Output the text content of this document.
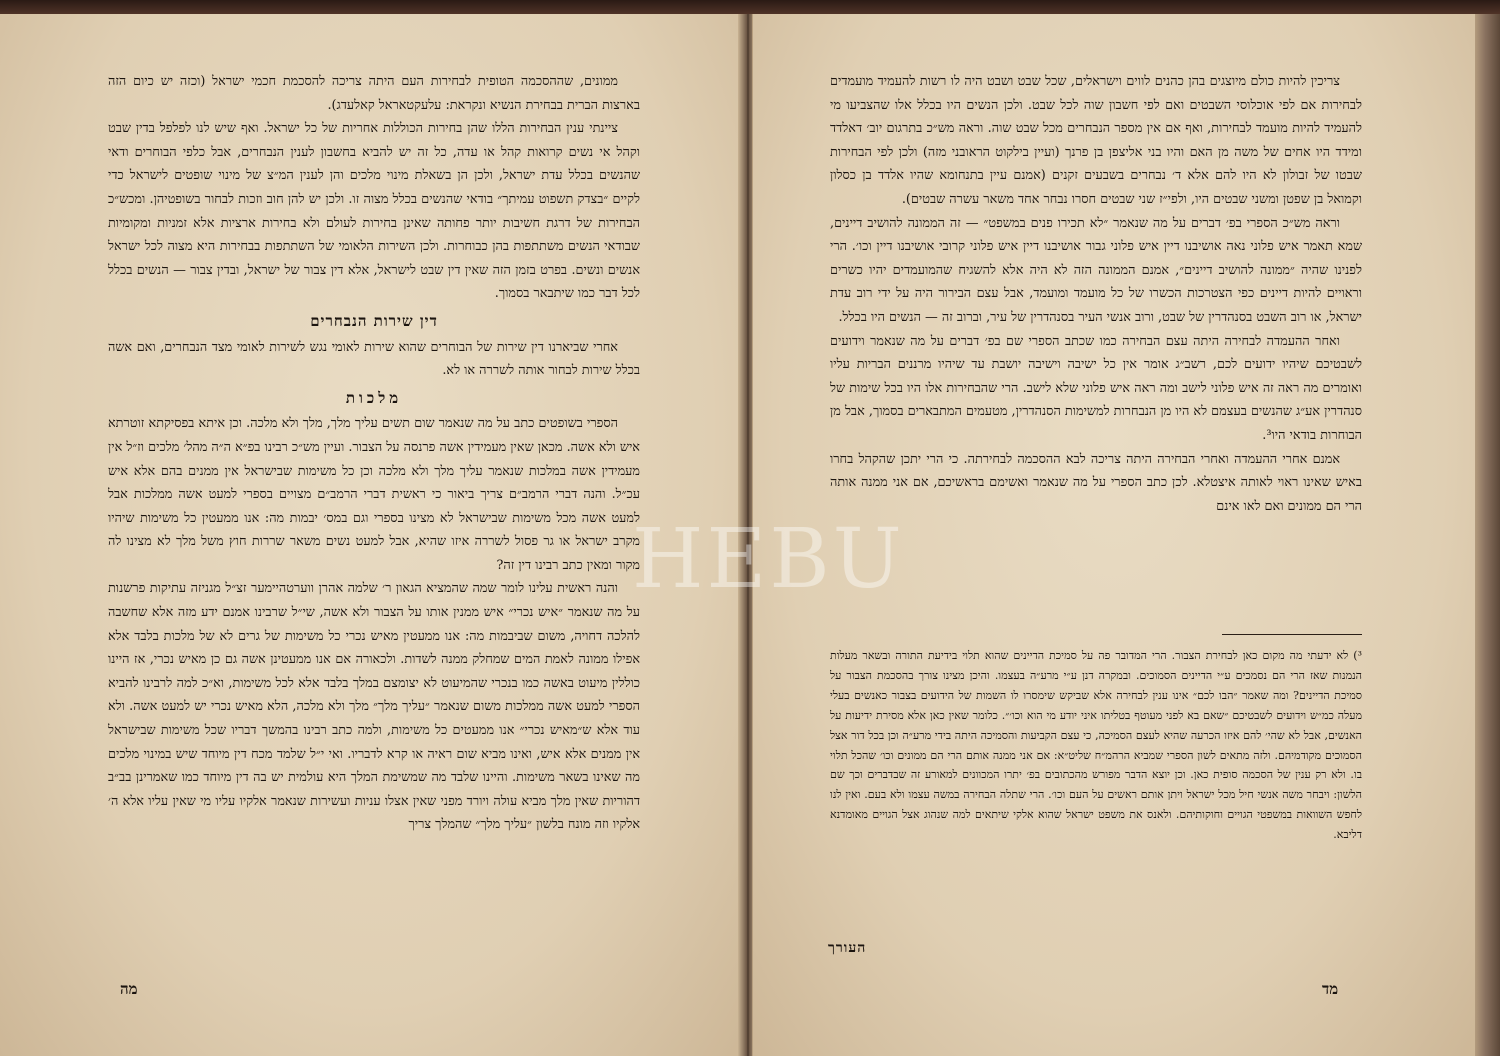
ממונים, שההסכמה הטופית לבחירות העם היתה צריכה להסכמת חכמי ישראל (וכזה יש כיום הזה בארצות הברית בבחירת הנשיא ונקראת: עלעקטאראל קאלעדג).

ציינתי ענין הבחירות הללו שהן בחירות הכוללות אחריות של כל ישראל. ואף שיש לנו לפלפל בדין שבט וקהל אי נשים קרואות קהל או עדה, כל זה יש להביא בחשבון לענין הנבחרים, אבל כלפי הבוחרים ודאי שהנשים בכלל עדת ישראל, ולכן הן בשאלת מינוי מלכים והן לענין המ״צ של מינוי שופטים לישראל כדי לקיים ״בצדק תשפוט עמיתך״ בודאי שהנשים בכלל מצוה זו. ולכן יש להן חוב וזכות לבחור בשופטיהן. ומכש״כ הבחירות של דרגת חשיבות יותר פחותה שאינן בחירות לעולם ולא בחירות ארציות אלא זמניות ומקומיות שבודאי הנשים משתתפות בהן כבוחרות. ולכן השירות הלאומי של השתתפות בבחירות היא מצוה לכל ישראל אנשים ונשים. בפרט בזמן הזה שאין דין שבט לישראל, אלא דין צבור של ישראל, ובדין צבור — הנשים בכלל לכל דבר כמו שיתבאר בסמוך.

דין שירות הנבחרים

אחרי שביארנו דין שירות של הבוחרים שהוא שירות לאומי נגש לשירות לאומי מצד הנבחרים, ואם אשה בכלל שירות לבחור אותה לשררה או לא.

מלכות

הספרי בשופטים כתב על מה שנאמר שום תשים עליך מלך, מלך ולא מלכה. וכן איתא בפסיקתא זוטרתא איש ולא אשה. מכאן שאין מעמידין אשה פרנסה על הצבור. ועיין מש״כ רבינו בפ״א ה״ה מהל׳ מלכים וז״ל אין מעמידין אשה במלכות שנאמר עליך מלך ולא מלכה וכן כל משימות שבישראל אין ממנים בהם אלא איש עכ״ל. והנה דברי הרמב״ם צריך ביאור כי ראשית דברי הרמב״ם מצויים בספרי למעט אשה ממלכות אבל למעט אשה מכל משימות שבישראל לא מצינו בספרי וגם במס׳ יבמות מה: אנו ממעטין כל משימות שיהיו מקרב ישראל או גר פסול לשררה איזו שהיא, אבל למעט נשים משאר שררות חוץ משל מלך לא מצינו לה מקור ומאין כתב רבינו דין זה?

והנה ראשית עלינו לומר שמה שהמציא הגאון ר׳ שלמה אהרן ווערטהיימער זצ״ל מגניזה עתיקות פרשנות על מה שנאמר ״איש נכרי״ איש ממנין אותו על הצבור ולא אשה, שי״ל שרבינו אמנם ידע מזה אלא שחשבה להלכה דחויה, משום שביבמות מה: אנו ממעטין מאיש נכרי כל משימות של גרים לא של מלכות בלבד אלא אפילו ממונה לאמת המים שמחלק ממנה לשדות. ולכאורה אם אנו ממעטינן אשה גם כן מאיש נכרי, אז היינו כוללין מיעוט באשה כמו בנכרי שהמיעוט לא יצומצם במלך בלבד אלא לכל משימות, וא״כ למה לרבינו להביא הספרי למעט אשה ממלכות משום שנאמר ״עליך מלך״ מלך ולא מלכה, הלא מאיש נכרי יש למעט אשה. ולא עוד אלא ש״מאיש נכרי״ אנו ממעטים כל משימות, ולמה כתב רבינו בהמשך דבריו שכל משימות שבישראל אין ממנים אלא איש, ואינו מביא שום ראיה או קרא לדבריו. ואי י״ל שלמד מכח דין מיוחד שיש במינוי מלכים מה שאינו בשאר משימות. והיינו שלבד מה שמשימת המלך היא עולמית יש בה דין מיוחד כמו שאמרינן בב״ב דהוריות שאין מלך מביא עולה ויורד מפני שאין אצלו עניות ועשירות שנאמר אלקיו עליו מי שאין עליו אלא ה׳ אלקיו וזה מונח בלשון ״עליך מלך״ שהמלך צריך

מה

צריכין להיות כולם מיוצגים בהן כהנים לווים וישראלים, שכל שבט ושבט היה לו רשות להעמיד מועמדים לבחירות אם לפי אוכלוסי השבטים ואם לפי חשבון שוה לכל שבט. ולכן הנשים היו בכלל אלו שהצביעו מי להעמיד להיות מועמד לבחירות, ואף אם אין מספר הנבחרים מכל שבט שוה. וראה מש״כ בתרגום יוב׳ דאלדד ומידד היו אחים של משה מן האם והיו בני אליצפן בן פרנך (ועיין בילקוט הראובני מזה) ולכן לפי הבחירות שבטו של זבולון לא היו להם אלא ד׳ נבחרים בשבעים זקנים (אמנם עיין בתנחומא שהיו אלדד בן כסלון וקמואל בן שפטן ומשני שבטים היו, ולפי״ז שני שבטים חסרו נבחר אחד משאר עשרה שבטים).

וראה מש״כ הספרי בפ׳ דברים על מה שנאמר ״לא תכירו פנים במשפט״ — זה הממונה להושיב דיינים, שמא תאמר איש פלוני נאה אושיבנו דיין איש פלוני גבור אושיבנו דיין איש פלוני קרובי אושיבנו דיין וכו׳. הרי לפנינו שהיה ״ממונה להושיב דיינים״, אמנם הממונה הזה לא היה אלא להשגיח שהמועמדים יהיו כשרים וראויים להיות דיינים כפי הצטרכות הכשרו של כל מועמד ומועמד, אבל עצם הבירור היה על ידי רוב עדת ישראל, או רוב השבט בסנהדרין של שבט, ורוב אנשי העיר בסנהדרין של עיר, וברוב זה — הנשים היו בכלל.

ואחר ההעמדה לבחירה היתה עצם הבחירה כמו שכתב הספרי שם בפ׳ דברים על מה שנאמר וידועים לשבטיכם שיהיו ידועים לכם, רשב״ג אומר אין כל ישיבה וישיבה יושבת עד שיהיו מרננים הבריות עליו ואומרים מה ראה זה איש פלוני לישב ומה ראה איש פלוני שלא לישב. הרי שהבחירות אלו היו בכל שימות של סנהדרין אע״ג שהנשים בעצמם לא היו מן הנבחרות למשימות הסנהדרין, מטעמים המתבארים בסמוך, אבל מן הבוחרות בודאי היו³.

אמנם אחרי ההעמדה ואחרי הבחירה היתה צריכה לבא ההסכמה לבחירתה. כי הרי יתכן שהקהל בחרו באיש שאינו ראוי לאותה איצטלא. לכן כתב הספרי על מה שנאמר ואשימם בראשיכם, אם אני ממנה אותה הרי הם ממונים ואם לאו אינם

³) לא ידעתי מה מקום כאן לבחירת הצבור. הרי המדובר פה על סמיכת הדיינים שהוא תלוי בידיעת התורה ובשאר מעלות הנמנות שאז הרי הם נסמכים ע״י הדיינים הסמוכים. ובמקרה דנן ע״י מרע״ה בעצמו. והיכן מצינו צורך בהסכמת הצבור על סמיכת הדיינים? ומה שאמר ״הבו לכם״ אינו ענין לבחירה אלא שביקש שימסרו לו השמות של הידועים בצבור כאנשים בעלי מעלה כמ״ש וידועים לשבטיכם ״שאם בא לפני מעוטף בטליתו איני יודע מי הוא וכו׳״. כלומר שאין כאן אלא מסירת ידיעות על האנשים, אבל לא שהי׳ להם איזו הכרעה שהיא לעצם הסמיכה, כי עצם הקביעות והסמיכה היתה בידי מרע״ה וכן בכל דור אצל הסמוכים מקודמיהם. ולזה מתאים לשון הספרי שמביא הרהמ״ח שליט״א: אם אני ממנה אותם הרי הם ממונים וכו׳ שהכל תלוי בו. ולא רק ענין של הסכמה סופית כאן. וכן יוצא הדבר מפורש מהכתובים בפ׳ יתרו המכוונים למאורע זה שבדברים וכך שם הלשון: ויבחר משה אנשי חיל מכל ישראל ויתן אותם ראשים על העם וכו׳. הרי שתלה הבחירה במשה עצמו ולא בעם. ואין לנו לחפש השוואות במשפטי הגויים וחוקותיהם. ולאנס את משפט ישראל שהוא אלקי שיתאים למה שנהוג אצל הגויים מאומדנא דליבא.

העורך
מד
HEBU
